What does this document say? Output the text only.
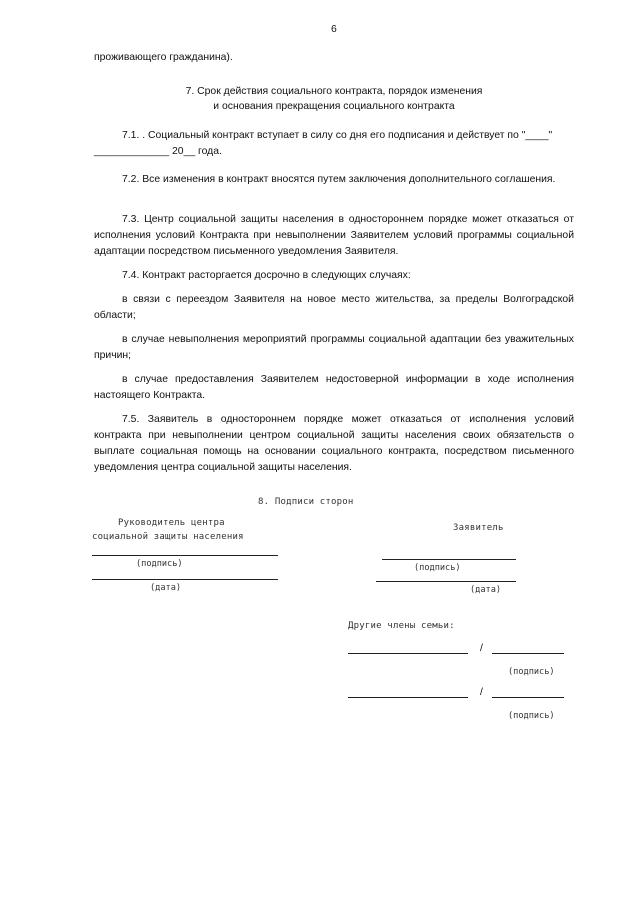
6
проживающего гражданина).
7. Срок действия социального контракта, порядок изменения
и основания прекращения социального контракта
7.1. . Социальный контракт вступает в силу со дня его подписания и действует по "____"
_____________ 20__ года.
7.2. Все изменения в контракт вносятся путем заключения дополнительного соглашения.
7.3. Центр социальной защиты населения в одностороннем порядке может отказаться от исполнения условий Контракта при невыполнении Заявителем условий программы социальной адаптации посредством письменного уведомления Заявителя.
7.4. Контракт расторгается досрочно в следующих случаях:
в связи с переездом Заявителя на новое место жительства, за пределы Волгоградской области;
в случае невыполнения мероприятий программы социальной адаптации без уважительных причин;
в случае предоставления Заявителем недостоверной информации в ходе исполнения настоящего Контракта.
7.5. Заявитель в одностороннем порядке может отказаться от исполнения условий контракта при невыполнении центром социальной защиты населения своих обязательств о выплате социальная помощь на основании социального контракта, посредством письменного уведомления центра социальной защиты населения.
8. Подписи сторон
Руководитель центра
социальной защиты населения
(подпись)
(дата)
Заявитель
(подпись)
(дата)
Другие члены семьи:
/
(подпись)
/
(подпись)
